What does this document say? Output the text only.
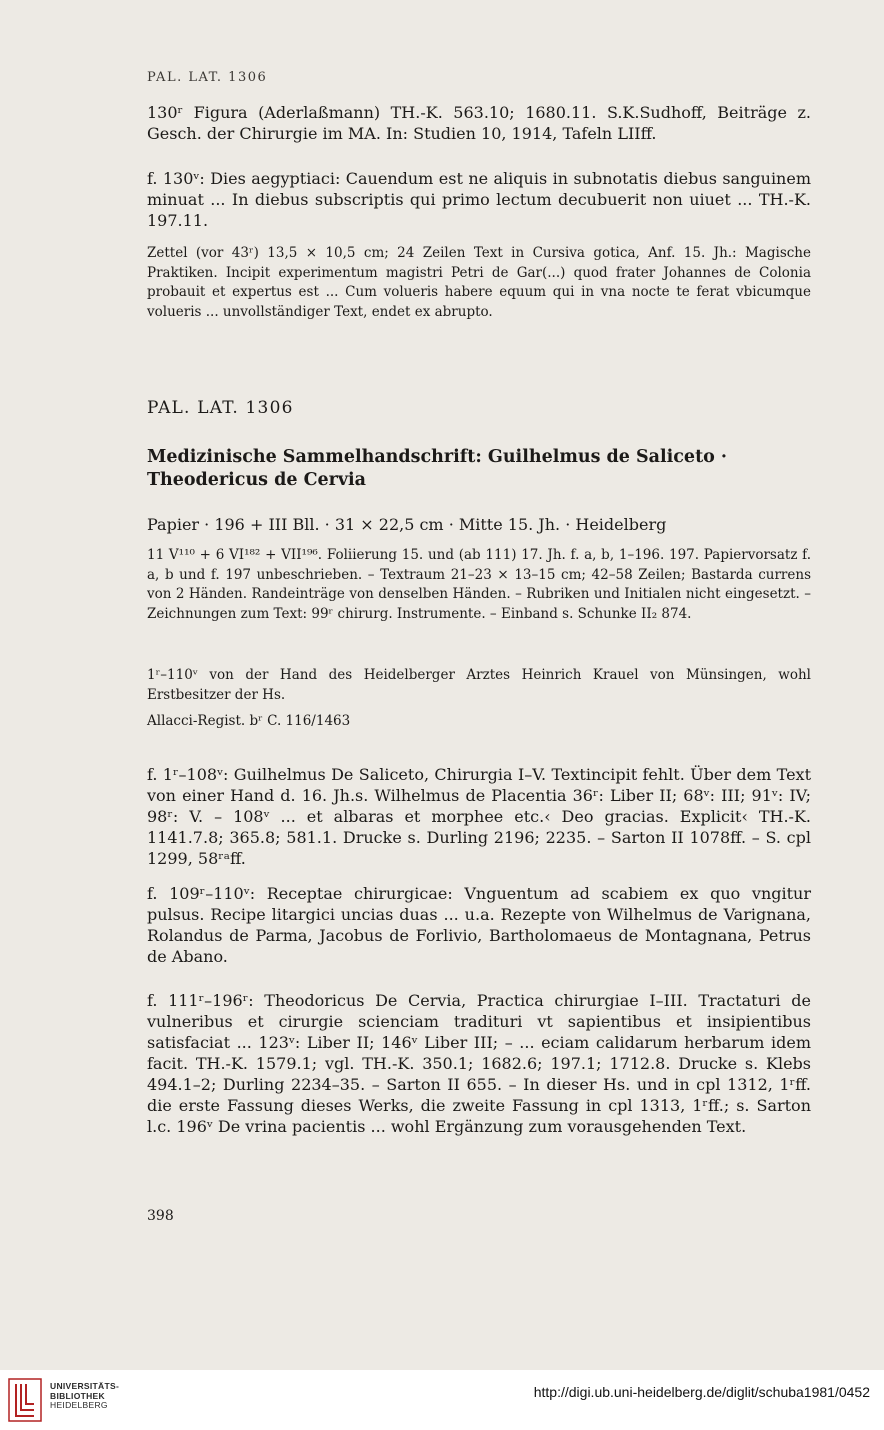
PAL. LAT. 1306

130ʳ Figura (Aderlaßmann) TH.-K. 563.10; 1680.11. S.K.Sudhoff, Beiträge z. Gesch. der Chirurgie im MA. In: Studien 10, 1914, Tafeln LIIff.

f. 130ᵛ: Dies aegyptiaci: Cauendum est ne aliquis in subnotatis diebus sanguinem minuat ... In diebus subscriptis qui primo lectum decubuerit non uiuet ... TH.-K. 197.11.

Zettel (vor 43ʳ) 13,5 × 10,5 cm; 24 Zeilen Text in Cursiva gotica, Anf. 15. Jh.: Magische Praktiken. Incipit experimentum magistri Petri de Gar(...) quod frater Johannes de Colonia probauit et expertus est ... Cum volueris habere equum qui in vna nocte te ferat vbicumque volueris ... unvollständiger Text, endet ex abrupto.

PAL. LAT. 1306
Medizinische Sammelhandschrift: Guilhelmus de Saliceto · Theodericus de Cervia
Papier · 196 + III Bll. · 31 × 22,5 cm · Mitte 15. Jh. · Heidelberg

11 V¹¹⁰ + 6 VI¹⁸² + VII¹⁹⁶. Foliierung 15. und (ab 111) 17. Jh. f. a, b, 1–196. 197. Papiervorsatz f. a, b und f. 197 unbeschrieben. – Textraum 21–23 × 13–15 cm; 42–58 Zeilen; Bastarda currens von 2 Händen. Randeinträge von denselben Händen. – Rubriken und Initialen nicht eingesetzt. – Zeichnungen zum Text: 99ʳ chirurg. Instrumente. – Einband s. Schunke II₂ 874.

1ʳ–110ᵛ von der Hand des Heidelberger Arztes Heinrich Krauel von Münsingen, wohl Erstbesitzer der Hs.

Allacci-Regist. bʳ C. 116/1463

f. 1ʳ–108ᵛ: Guilhelmus De Saliceto, Chirurgia I–V. Textincipit fehlt. Über dem Text von einer Hand d. 16. Jh.s. Wilhelmus de Placentia 36ʳ: Liber II; 68ᵛ: III; 91ᵛ: IV; 98ʳ: V. – 108ᵛ ... et albaras et morphee etc.‹ Deo gracias. Explicit‹ TH.-K. 1141.7.8; 365.8; 581.1. Drucke s. Durling 2196; 2235. – Sarton II 1078ff. – S. cpl 1299, 58ʳᵃff.

f. 109ʳ–110ᵛ: Receptae chirurgicae: Vnguentum ad scabiem ex quo vngitur pulsus. Recipe litargici uncias duas ... u.a. Rezepte von Wilhelmus de Varignana, Rolandus de Parma, Jacobus de Forlivio, Bartholomaeus de Montagnana, Petrus de Abano.

f. 111ʳ–196ʳ: Theodoricus De Cervia, Practica chirurgiae I–III. Tractaturi de vulneribus et cirurgie scienciam tradituri vt sapientibus et insipientibus satisfaciat ... 123ᵛ: Liber II; 146ᵛ Liber III; – ... eciam calidarum herbarum idem facit. TH.-K. 1579.1; vgl. TH.-K. 350.1; 1682.6; 197.1; 1712.8. Drucke s. Klebs 494.1–2; Durling 2234–35. – Sarton II 655. – In dieser Hs. und in cpl 1312, 1ʳff. die erste Fassung dieses Werks, die zweite Fassung in cpl 1313, 1ʳff.; s. Sarton l.c. 196ᵛ De vrina pacientis ... wohl Ergänzung zum vorausgehenden Text.

398
UNIVERSITÄTS-
BIBLIOTHEK
HEIDELBERG
http://digi.ub.uni-heidelberg.de/diglit/schuba1981/0452
